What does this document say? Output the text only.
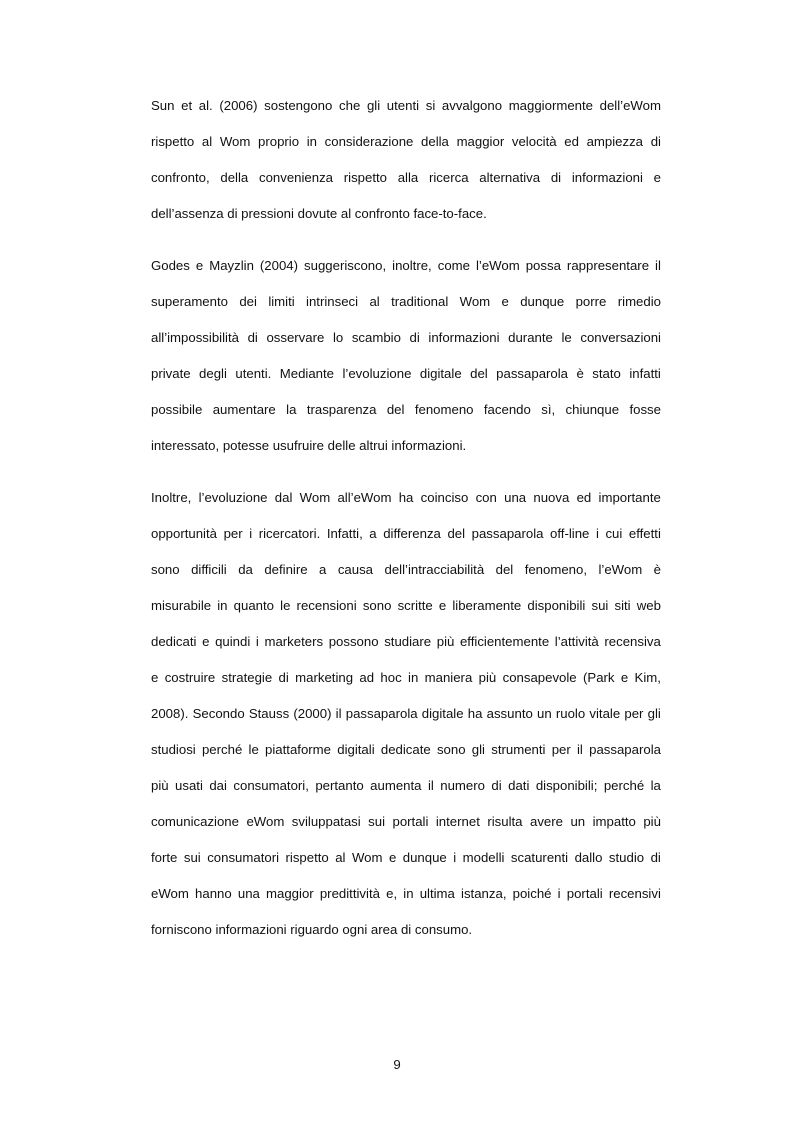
Sun et al. (2006) sostengono che gli utenti si avvalgono maggiormente dell’eWom
rispetto al Wom proprio in considerazione della maggior velocità ed ampiezza di
confronto, della convenienza rispetto alla ricerca alternativa di informazioni e
dell’assenza di pressioni dovute al confronto face-to-face.
Godes e Mayzlin (2004) suggeriscono, inoltre, come l’eWom possa rappresentare il
superamento dei limiti intrinseci al traditional Wom e dunque porre rimedio
all’impossibilità di osservare lo scambio di informazioni durante le conversazioni
private degli utenti. Mediante l’evoluzione digitale del passaparola è stato infatti
possibile aumentare la trasparenza del fenomeno facendo sì, chiunque fosse
interessato, potesse usufruire delle altrui informazioni.
Inoltre, l’evoluzione dal Wom all’eWom ha coinciso con una nuova ed importante
opportunità per i ricercatori. Infatti, a differenza del passaparola off-line i cui effetti
sono difficili da definire a causa dell’intracciabilità del fenomeno, l’eWom è
misurabile in quanto le recensioni sono scritte e liberamente disponibili sui siti web
dedicati e quindi i marketers possono studiare più efficientemente l’attività recensiva
e costruire strategie di marketing ad hoc in maniera più consapevole (Park e Kim,
2008). Secondo Stauss (2000) il passaparola digitale ha assunto un ruolo vitale per gli
studiosi perché le piattaforme digitali dedicate sono gli strumenti per il passaparola
più usati dai consumatori, pertanto aumenta il numero di dati disponibili; perché la
comunicazione eWom sviluppatasi sui portali internet risulta avere un impatto più
forte sui consumatori rispetto al Wom e dunque i modelli scaturenti dallo studio di
eWom hanno una maggior predittività e, in ultima istanza, poiché i portali recensivi
forniscono informazioni riguardo ogni area di consumo.
9
